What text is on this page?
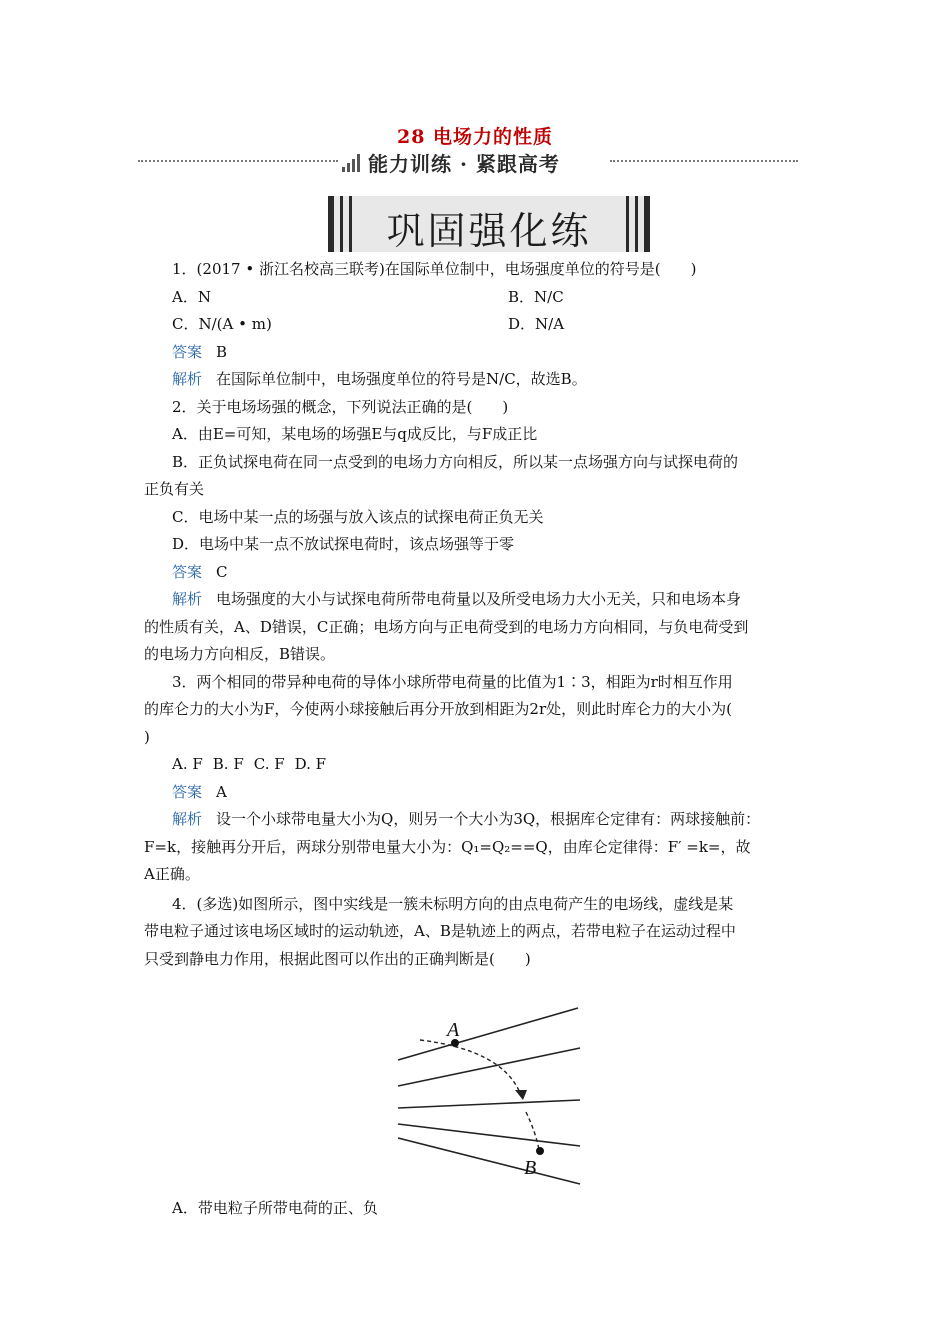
28 电场力的性质
能力训练 · 紧跟高考
巩固强化练

1．(2017 • 浙江名校高三联考)在国际单位制中，电场强度单位的符号是(　　)

A．N	B．N/C
C．N/(A • m)	D．N/A

答案 B

解析 在国际单位制中，电场强度单位的符号是N/C，故选B。

2．关于电场场强的概念，下列说法正确的是(　　)

A．由E=可知，某电场的场强E与q成反比，与F成正比

B．正负试探电荷在同一点受到的电场力方向相反，所以某一点场强方向与试探电荷的

正负有关

C．电场中某一点的场强与放入该点的试探电荷正负无关

D．电场中某一点不放试探电荷时，该点场强等于零

答案 C

解析 电场强度的大小与试探电荷所带电荷量以及所受电场力大小无关，只和电场本身

的性质有关，A、D错误，C正确；电场方向与正电荷受到的电场力方向相同，与负电荷受到

的电场力方向相反，B错误。

3．两个相同的带异种电荷的导体小球所带电荷量的比值为1∶3，相距为r时相互作用

的库仑力的大小为F，今使两小球接触后再分开放到相距为2r处，则此时库仑力的大小为(

)

A. F B. F C. F D. F

答案 A

解析 设一个小球带电量大小为Q，则另一个大小为3Q，根据库仑定律有：两球接触前：

F=k，接触再分开后，两球分别带电量大小为：Q₁=Q₂==Q，由库仑定律得：F′ =k=，故

A正确。

4．(多选)如图所示，图中实线是一簇未标明方向的由点电荷产生的电场线，虚线是某

带电粒子通过该电场区域时的运动轨迹，A、B是轨迹上的两点，若带电粒子在运动过程中

只受到静电力作用，根据此图可以作出的正确判断是(　　)

A
B

A．带电粒子所带电荷的正、负
